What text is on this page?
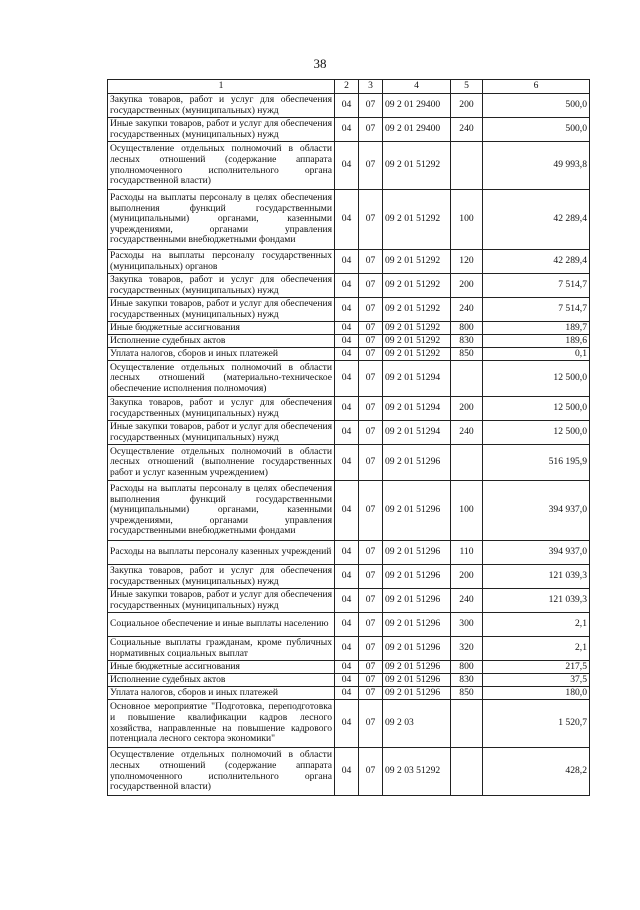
38
1	2	3	4	5	6
Закупка товаров, работ и услуг для обеспечения государственных (муниципальных) нужд	04	07	09 2 01 29400	200	500,0
Иные закупки товаров, работ и услуг для обеспечения государственных (муниципальных) нужд	04	07	09 2 01 29400	240	500,0
Осуществление отдельных полномочий в области лесных отношений (содержание аппарата уполномоченного исполнительного органа государственной власти)	04	07	09 2 01 51292		49 993,8
Расходы на выплаты персоналу в целях обеспечения выполнения функций государственными (муниципальными) органами, казенными учреждениями, органами управления государственными внебюджетными фондами	04	07	09 2 01 51292	100	42 289,4
Расходы на выплаты персоналу государственных (муниципальных) органов	04	07	09 2 01 51292	120	42 289,4
Закупка товаров, работ и услуг для обеспечения государственных (муниципальных) нужд	04	07	09 2 01 51292	200	7 514,7
Иные закупки товаров, работ и услуг для обеспечения государственных (муниципальных) нужд	04	07	09 2 01 51292	240	7 514,7
Иные бюджетные ассигнования	04	07	09 2 01 51292	800	189,7
Исполнение судебных актов	04	07	09 2 01 51292	830	189,6
Уплата налогов, сборов и иных платежей	04	07	09 2 01 51292	850	0,1
Осуществление отдельных полномочий в области лесных отношений (материально-техническое обеспечение исполнения полномочия)	04	07	09 2 01 51294		12 500,0
Закупка товаров, работ и услуг для обеспечения государственных (муниципальных) нужд	04	07	09 2 01 51294	200	12 500,0
Иные закупки товаров, работ и услуг для обеспечения государственных (муниципальных) нужд	04	07	09 2 01 51294	240	12 500,0
Осуществление отдельных полномочий в области лесных отношений (выполнение государственных работ и услуг казенным учреждением)	04	07	09 2 01 51296		516 195,9
Расходы на выплаты персоналу в целях обеспечения выполнения функций государственными (муниципальными) органами, казенными учреждениями, органами управления государственными внебюджетными фондами	04	07	09 2 01 51296	100	394 937,0
Расходы на выплаты персоналу казенных учреждений	04	07	09 2 01 51296	110	394 937,0
Закупка товаров, работ и услуг для обеспечения государственных (муниципальных) нужд	04	07	09 2 01 51296	200	121 039,3
Иные закупки товаров, работ и услуг для обеспечения государственных (муниципальных) нужд	04	07	09 2 01 51296	240	121 039,3
Социальное обеспечение и иные выплаты населению	04	07	09 2 01 51296	300	2,1
Социальные выплаты гражданам, кроме публичных нормативных социальных выплат	04	07	09 2 01 51296	320	2,1
Иные бюджетные ассигнования	04	07	09 2 01 51296	800	217,5
Исполнение судебных актов	04	07	09 2 01 51296	830	37,5
Уплата налогов, сборов и иных платежей	04	07	09 2 01 51296	850	180,0
Основное мероприятие "Подготовка, переподготовка и повышение квалификации кадров лесного хозяйства, направленные на повышение кадрового потенциала лесного сектора экономики"	04	07	09 2 03		1 520,7
Осуществление отдельных полномочий в области лесных отношений (содержание аппарата уполномоченного исполнительного органа государственной власти)	04	07	09 2 03 51292		428,2
